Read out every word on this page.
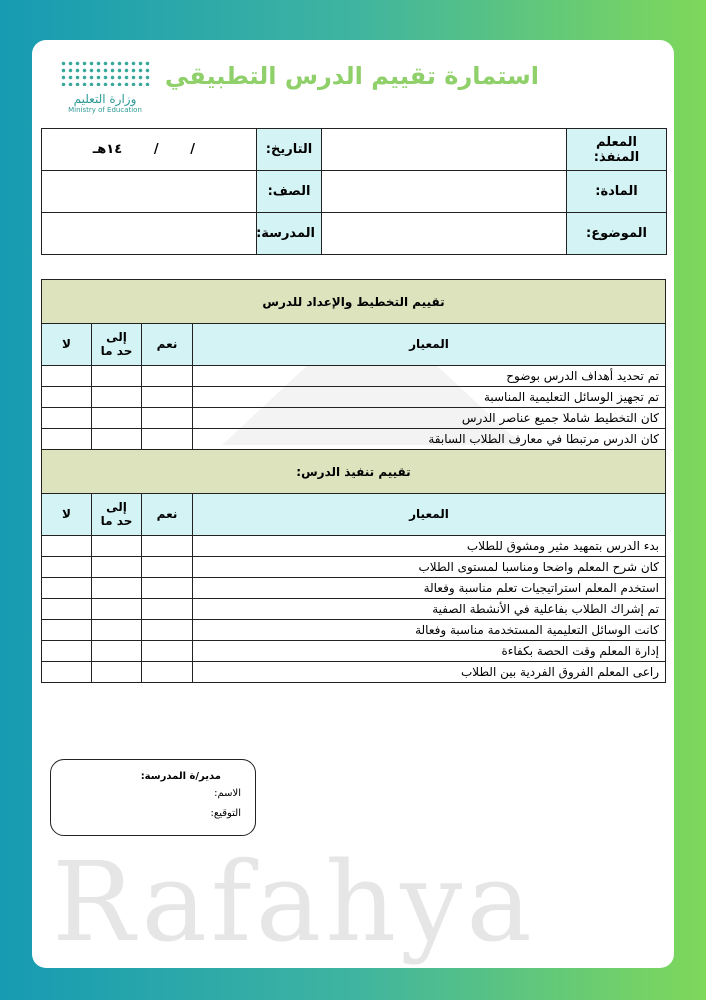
Rafahya
وزارة التعليم
Ministry of Education
استمارة تقييم الدرس التطبيقي
المعلم المنفذ:		التاريخ:	/       /       ١٤هـ
المادة:		الصف:	
الموضوع:		المدرسة:	
تقييم التخطيط والإعداد للدرس			
المعيار	نعم	إلى حد ما	لا
تم تحديد أهداف الدرس بوضوح			
تم تجهيز الوسائل التعليمية المناسبة			
كان التخطيط شاملا جميع عناصر الدرس			
كان الدرس مرتبطا في معارف الطلاب السابقة			
تقييم تنفيذ الدرس:			
المعيار	نعم	إلى حد ما	لا
بدء الدرس بتمهيد مثير ومشوق للطلاب			
كان شرح المعلم واضحا ومناسبا لمستوى الطلاب			
استخدم المعلم استراتيجيات تعلم مناسبة وفعالة			
تم إشراك الطلاب بفاعلية في الأنشطة الصفية			
كانت الوسائل التعليمية المستخدمة مناسبة وفعالة			
إدارة المعلم وقت الحصة بكفاءة			
راعى المعلم الفروق الفردية بين الطلاب			
مدير/ة المدرسة:
الاسم:
التوقيع:
